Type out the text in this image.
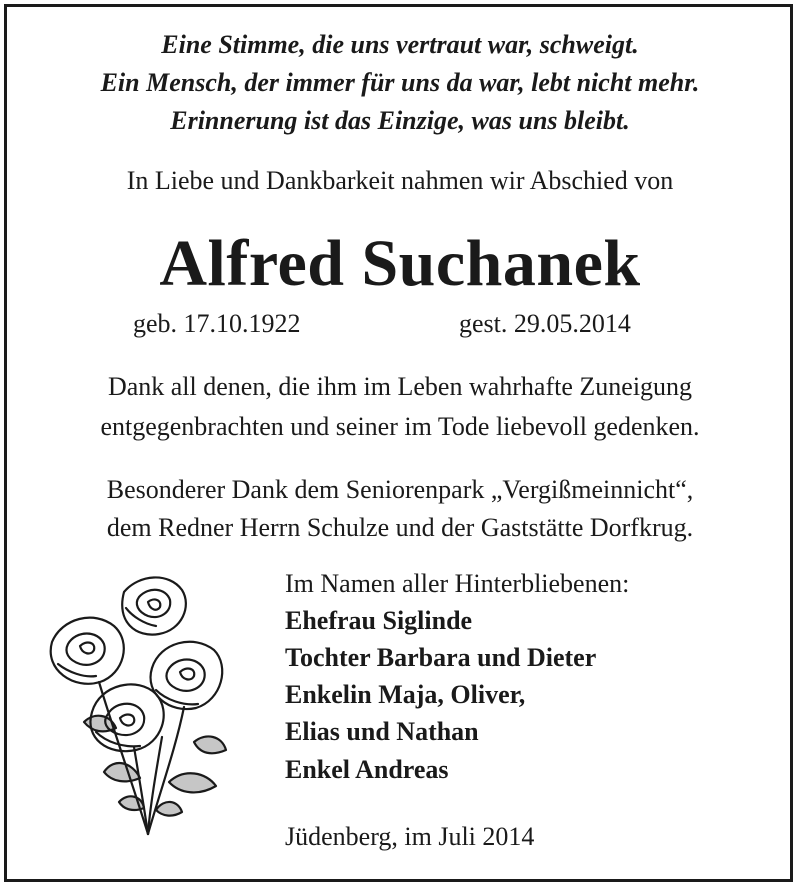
Eine Stimme, die uns vertraut war, schweigt.
Ein Mensch, der immer für uns da war, lebt nicht mehr.
Erinnerung ist das Einzige, was uns bleibt.
In Liebe und Dankbarkeit nahmen wir Abschied von
Alfred Suchanek
geb. 17.10.1922	gest. 29.05.2014
Dank all denen, die ihm im Leben wahrhafte Zuneigung
entgegenbrachten und seiner im Tode liebevoll gedenken.
Besonderer Dank dem Seniorenpark „Vergißmeinnicht“,
dem Redner Herrn Schulze und der Gaststätte Dorfkrug.
Im Namen aller Hinterbliebenen:
Ehefrau Siglinde
Tochter Barbara und Dieter
Enkelin Maja, Oliver,
Elias und Nathan
Enkel Andreas
Jüdenberg, im Juli 2014
